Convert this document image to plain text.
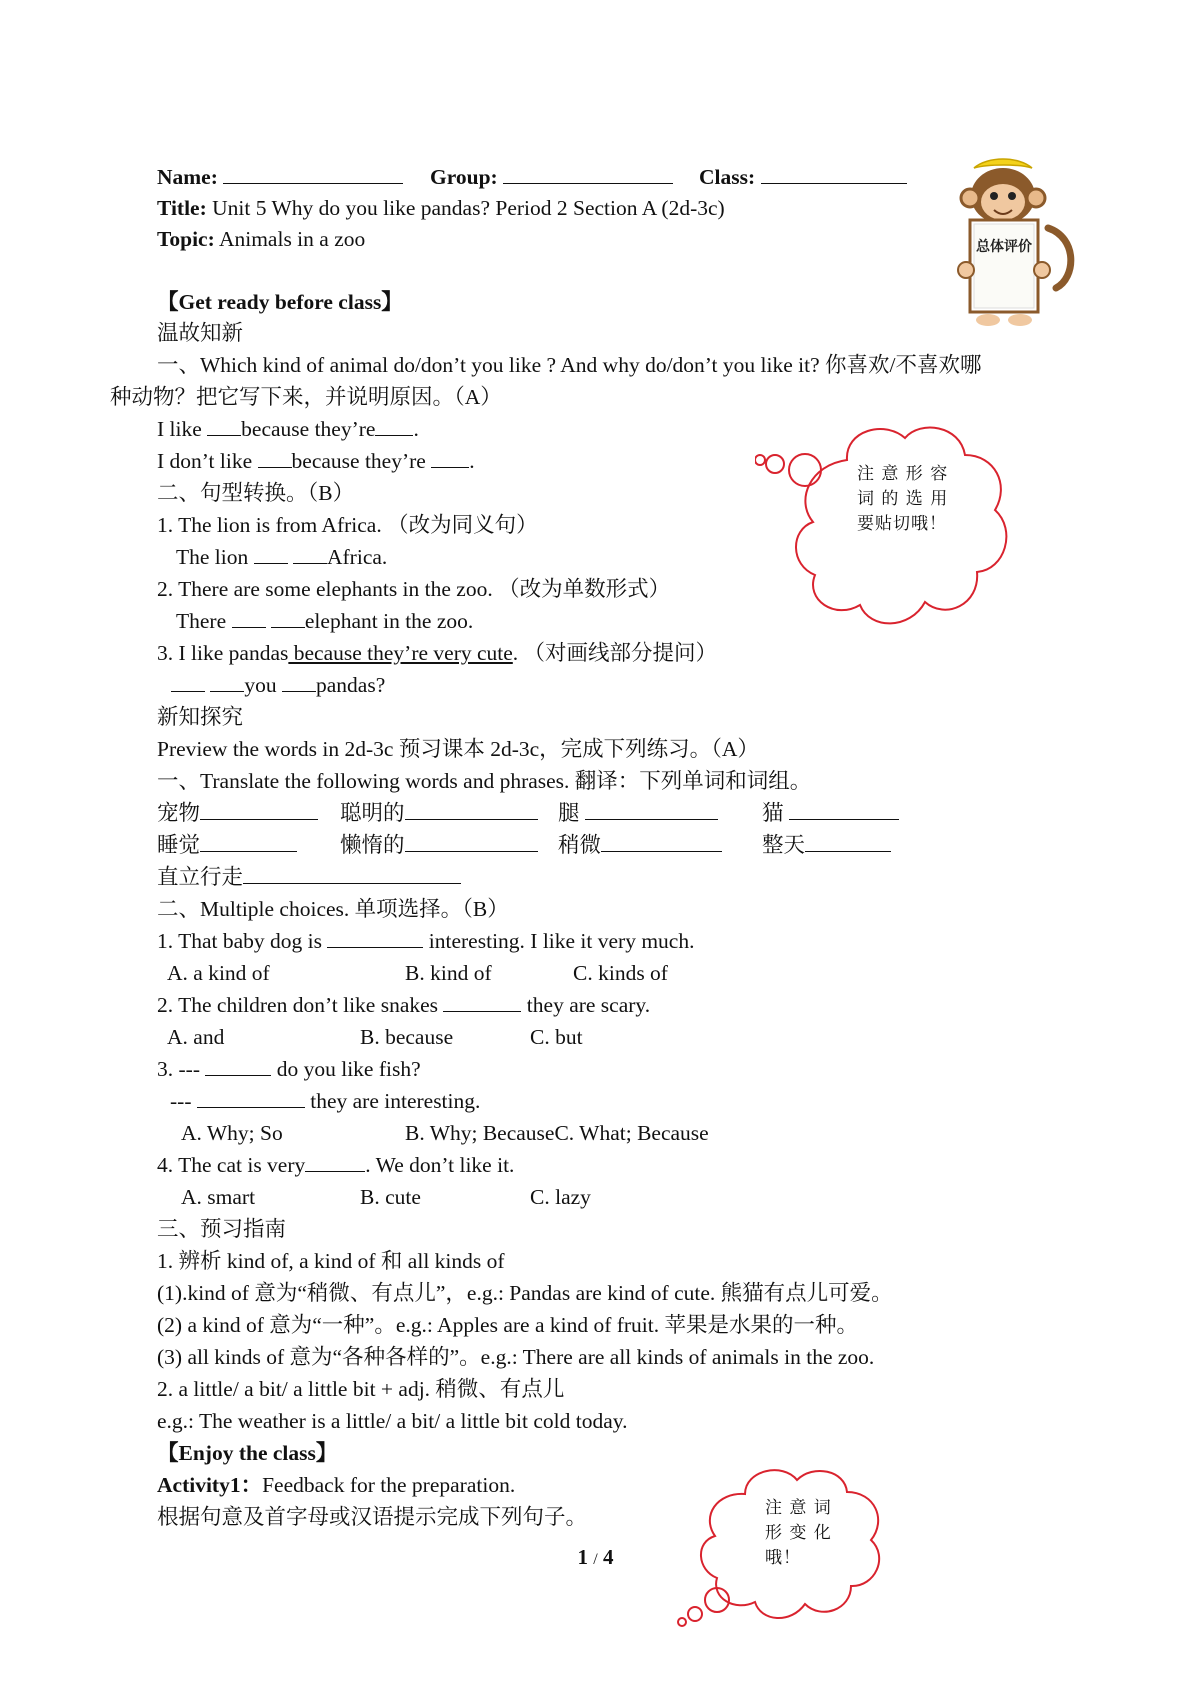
Name:	Group:	Class:
Title: Unit 5 Why do you like pandas? Period 2 Section A (2d-3c)
Topic: Animals in a zoo	总体评价
【Get ready before class】
温故知新
一、Which kind of animal do/don’t you like ? And why do/don’t you like it? 你喜欢/不喜欢哪
种动物？把它写下来，并说明原因。（A）
I like because they’re .
I don’t like because they’re .
二、句型转换。（B）
1. The lion is from Africa. （改为同义句）
The lion	Africa.
2. There are some elephants in the zoo. （改为单数形式）
There	elephant in the zoo.
3. I like pandas because they’re very cute. （对画线部分提问）
you pandas?
注 意 形 容
词 的 选 用
要贴切哦！
新知探究
Preview the words in 2d-3c 预习课本 2d-3c，完成下列练习。（A）
一、Translate the following words and phrases. 翻译：下列单词和词组。
宠物	聪明的	腿	猫
睡觉	懒惰的	稍微	整天
直立行走
二、Multiple choices. 单项选择。（B）
1. That baby dog is	interesting. I like it very much.
A. a kind of	B. kind of	C. kinds of
2. The children don’t like snakes	they are scary.
A. and	B. because	C. but
3. ---	do you like fish?
---	they are interesting.
A. Why; So	B. Why; BecauseC. What; Because
4. The cat is very	. We don’t like it.
A. smart	B. cute	C. lazy
三、预习指南
1. 辨析 kind of, a kind of 和 all kinds of
(1).kind of 意为“稍微、有点儿”，e.g.: Pandas are kind of cute. 熊猫有点儿可爱。
(2) a kind of 意为“一种”。e.g.: Apples are a kind of fruit. 苹果是水果的一种。
(3) all kinds of 意为“各种各样的”。e.g.: There are all kinds of animals in the zoo.
2. a little/ a bit/ a little bit + adj. 稍微、有点儿
e.g.: The weather is a little/ a bit/ a little bit cold today.
【Enjoy the class】
Activity1：Feedback for the preparation.
根据句意及首字母或汉语提示完成下列句子。	注 意 词
形 变 化
哦！
1 / 4
